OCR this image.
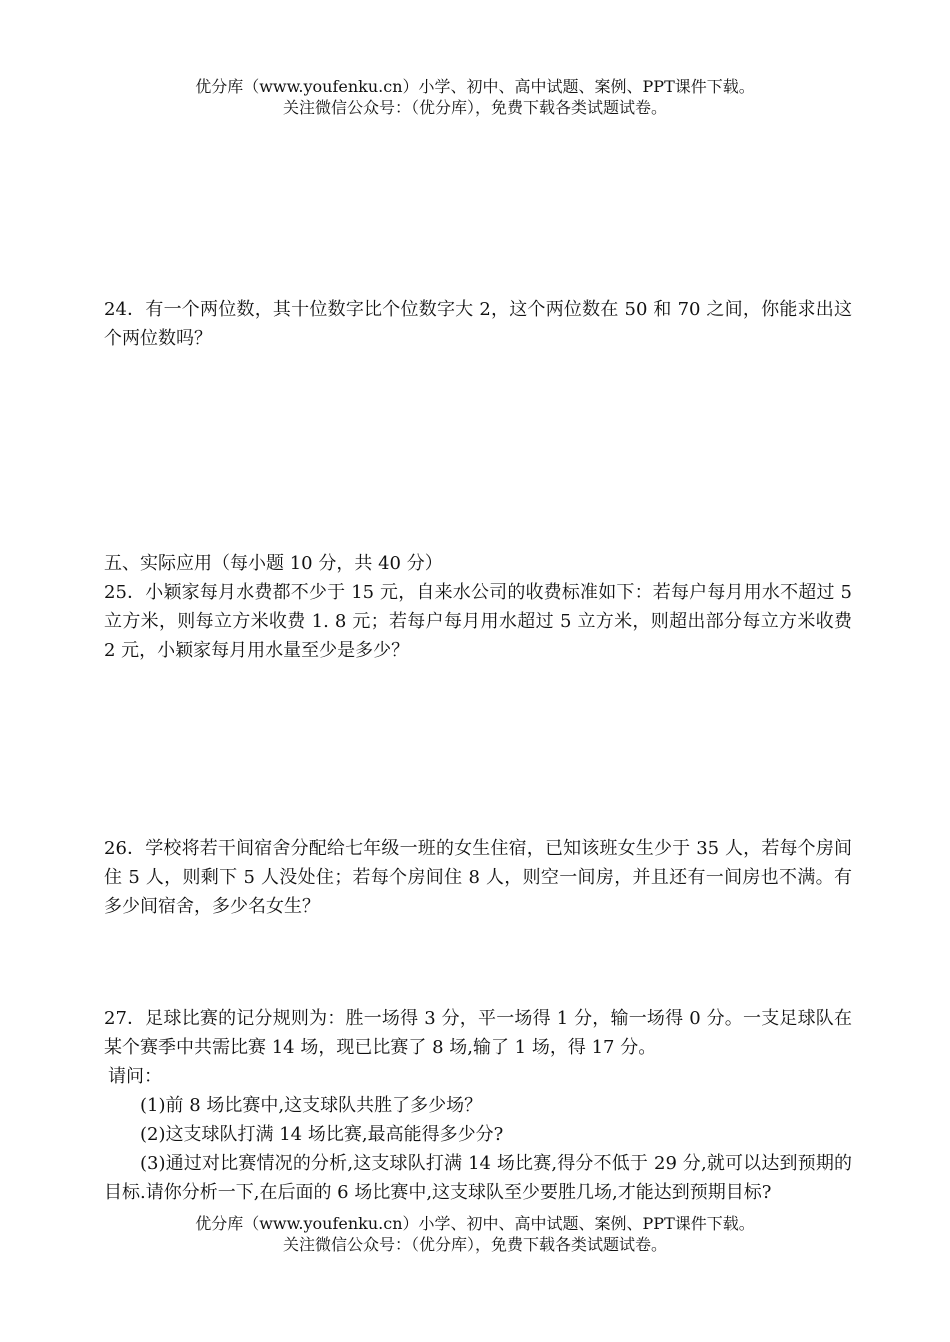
优分库（www.youfenku.cn）小学、初中、高中试题、案例、PPT课件下载。
关注微信公众号：（优分库），免费下载各类试题试卷。

24．有一个两位数，其十位数字比个位数字大 2，这个两位数在 50 和 70 之间，你能求出这个两位数吗？

五、实际应用（每小题 10 分，共 40 分）

25．小颖家每月水费都不少于 15 元，自来水公司的收费标准如下：若每户每月用水不超过 5 立方米，则每立方米收费 1. 8 元；若每户每月用水超过 5 立方米，则超出部分每立方米收费 2 元，小颖家每月用水量至少是多少？

26．学校将若干间宿舍分配给七年级一班的女生住宿，已知该班女生少于 35 人，若每个房间住 5 人，则剩下 5 人没处住；若每个房间住 8 人，则空一间房，并且还有一间房也不满。有多少间宿舍，多少名女生？

27．足球比赛的记分规则为：胜一场得 3 分，平一场得 1 分，输一场得 0 分。一支足球队在某个赛季中共需比赛 14 场，现已比赛了 8 场,输了 1 场，得 17 分。

请问：

(1)前 8 场比赛中,这支球队共胜了多少场？

(2)这支球队打满 14 场比赛,最高能得多少分?

(3)通过对比赛情况的分析,这支球队打满 14 场比赛,得分不低于 29 分,就可以达到预期的目标.请你分析一下,在后面的 6 场比赛中,这支球队至少要胜几场,才能达到预期目标?

优分库（www.youfenku.cn）小学、初中、高中试题、案例、PPT课件下载。
关注微信公众号：（优分库），免费下载各类试题试卷。
